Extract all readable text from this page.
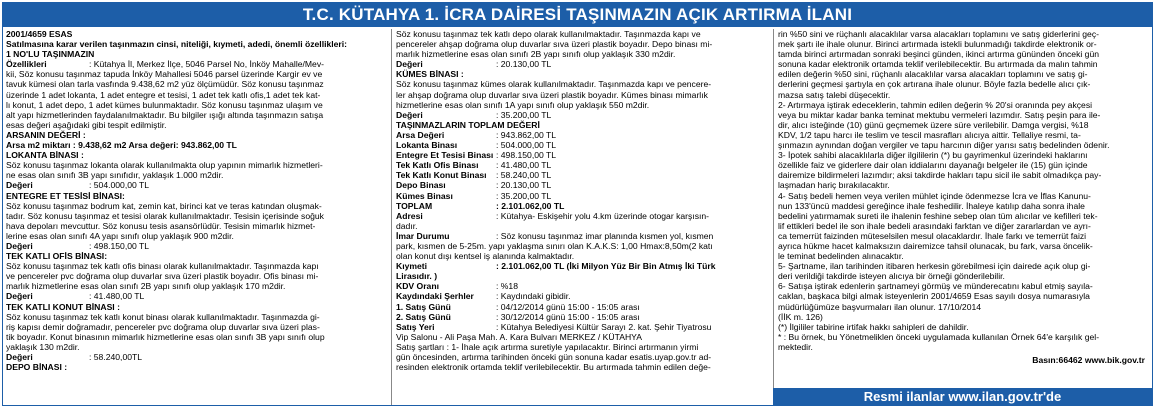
T.C. KÜTAHYA 1. İCRA DAİRESİ TAŞINMAZIN AÇIK ARTIRMA İLANI
2001/4659 ESAS
Satılmasına karar verilen taşınmazın cinsi, niteliği, kıymeti, adedi, önemli özellikleri:
1 NO'LU TAŞINMAZIN
Özellikleri	: Kütahya İl, Merkez İlçe, 5046 Parsel No, İnköy Mahalle/Mev-
kii, Söz konusu taşınmaz tapuda İnköy Mahallesi 5046 parsel üzerinde Kargir ev ve
tavuk kümesi olan tarla vasfında 9.438,62 m2 yüz ölçümüdür. Söz konusu taşınmaz
üzerinde 1 adet lokanta, 1 adet entegre et tesisi, 1 adet tek katlı ofis,1 adet tek kat-
lı konut, 1 adet depo, 1 adet kümes bulunmaktadır. Söz konusu taşınmaz ulaşım ve
alt yapı hizmetlerinden faydalanılmaktadır. Bu bilgiler ışığı altında taşınmazın satışa
esas değeri aşağıdaki gibi tespit edilmiştir.
ARSANIN DEĞERİ :
Arsa m2 miktarı : 9.438,62 m2 Arsa değeri: 943.862,00 TL
LOKANTA BİNASI :
Söz konusu taşınmaz lokanta olarak kullanılmakta olup yapının mimarlık hizmetleri-
ne esas olan sınıfı 3B yapı sınıfıdır, yaklaşık 1.000 m2dir.
Değeri	: 504.000,00 TL
ENTEGRE ET TESİSİ BİNASI:
Söz konusu taşınmaz bodrum kat, zemin kat, birinci kat ve teras katından oluşmak-
tadır. Söz konusu taşınmaz et tesisi olarak kullanılmaktadır. Tesisin içerisinde soğuk
hava depoları mevcuttur. Söz konusu tesis asansörlüdür. Tesisin mimarlık hizmet-
lerine esas olan sınıfı 4A yapı sınıfı olup yaklaşık 900 m2dir.
Değeri	: 498.150,00 TL
TEK KATLI OFİS BİNASI:
Söz konusu taşınmaz tek katlı ofis binası olarak kullanılmaktadır. Taşınmazda kapı
ve pencereler pvc doğrama olup duvarlar sıva üzeri plastik boyadır. Ofis binası mi-
marlık hizmetlerine esas olan sınıfı 2B yapı sınıfı olup yaklaşık 170 m2dir.
Değeri	: 41.480,00 TL
TEK KATLI KONUT BİNASI :
Söz konusu taşınmaz tek katlı konut binası olarak kullanılmaktadır. Taşınmazda gi-
riş kapısı demir doğramadır, pencereler pvc doğrama olup duvarlar sıva üzeri plas-
tik boyadır. Konut binasının mimarlık hizmetlerine esas olan sınıfı 3B yapı sınıfı olup
yaklaşık 130 m2dir.
Değeri	: 58.240,00TL
DEPO BİNASI :
Söz konusu taşınmaz tek katlı depo olarak kullanılmaktadır. Taşınmazda kapı ve
pencereler ahşap doğrama olup duvarlar sıva üzeri plastik boyadır. Depo binası mi-
marlık hizmetlerine esas olan sınıfı 2B yapı sınıfı olup yaklaşık 330 m2dir.
Değeri	: 20.130,00 TL
KÜMES BİNASI :
Söz konusu taşınmaz kümes olarak kullanılmaktadır. Taşınmazda kapı ve pencere-
ler ahşap doğrama olup duvarlar sıva üzeri plastik boyadır. Kümes binası mimarlık
hizmetlerine esas olan sınıfı 1A yapı sınıfı olup yaklaşık 550 m2dir.
Değeri	: 35.200,00 TL
TAŞINMAZLARIN TOPLAM DEĞERİ
Arsa Değeri	: 943.862,00 TL
Lokanta Binası	: 504.000,00 TL
Entegre Et Tesisi Binası : 498.150,00 TL
Tek Katlı Ofis Binası	: 41.480,00 TL
Tek Katlı Konut Binası	: 58.240,00 TL
Depo Binası	: 20.130,00 TL
Kümes Binası	: 35.200,00 TL
TOPLAM	: 2.101.062,00 TL
Adresi	: Kütahya- Eskişehir yolu 4.km üzerinde otogar karşısın-
dadır.
İmar Durumu	: Söz konusu taşınmaz imar planında kısmen yol, kısmen
park, kısmen de 5-25m. yapı yaklaşma sınırı olan K.A.K.S: 1,00 Hmax:8,50m(2 katı
olan konut dışı kentsel iş alanında kalmaktadır.
Kıymeti	: 2.101.062,00 TL (İki Milyon Yüz Bir Bin Atmış İki Türk
Lirasıdır. )
KDV Oranı	: %18
Kaydındaki Şerhler	: Kaydındaki gibidir.
1. Satış Günü	: 04/12/2014 günü 15:00 - 15:05 arası
2. Satış Günü	: 30/12/2014 günü 15:00 - 15:05 arası
Satış Yeri	: Kütahya Belediyesi Kültür Sarayı 2. kat. Şehir Tiyatrosu
Vip Salonu - Ali Paşa Mah. A. Kara Bulvarı MERKEZ / KÜTAHYA
Satış şartları : 1- İhale açık artırma suretiyle yapılacaktır. Birinci artırmanın yirmi
gün öncesinden, artırma tarihinden önceki gün sonuna kadar esatis.uyap.gov.tr ad-
resinden elektronik ortamda teklif verilebilecektir. Bu artırmada tahmin edilen değe-
rin %50 sini ve rüçhanlı alacaklılar varsa alacakları toplamını ve satış giderlerini geç-
mek şartı ile ihale olunur. Birinci artırmada istekli bulunmadığı takdirde elektronik or-
tamda birinci artırmadan sonraki beşinci günden, ikinci artırma gününden önceki gün
sonuna kadar elektronik ortamda teklif verilebilecektir. Bu artırmada da malın tahmin
edilen değerin %50 sini, rüçhanlı alacaklılar varsa alacakları toplamını ve satış gi-
derlerini geçmesi şartıyla en çok artırana ihale olunur. Böyle fazla bedelle alıcı çık-
mazsa satış talebi düşecektir.
2- Artırmaya iştirak edeceklerin, tahmin edilen değerin % 20'si oranında pey akçesi
veya bu miktar kadar banka teminat mektubu vermeleri lazımdır. Satış peşin para ile-
dir, alıcı isteğinde (10) günü geçmemek üzere süre verilebilir. Damga vergisi, %18
KDV, 1/2 tapu harcı ile teslim ve tescil masrafları alıcıya aittir. Tellaliye resmi, ta-
şınmazın aynından doğan vergiler ve tapu harcının diğer yarısı satış bedelinden ödenir.
3- İpotek sahibi alacaklılarla diğer ilgililerin (*) bu gayrimenkul üzerindeki haklarını
özellikle faiz ve giderlere dair olan iddialarını dayanağı belgeler ile (15) gün içinde
dairemize bildirmeleri lazımdır; aksi takdirde hakları tapu sicil ile sabit olmadıkça pay-
laşmadan hariç bırakılacaktır.
4- Satış bedeli hemen veya verilen mühlet içinde ödenmezse İcra ve İflas Kanunu-
nun 133'üncü maddesi gereğince ihale feshedilir. İhaleye katılıp daha sonra ihale
bedelini yatırmamak sureti ile ihalenin feshine sebep olan tüm alıcılar ve kefilleri tek-
lif ettikleri bedel ile son ihale bedeli arasındaki farktan ve diğer zararlardan ve ayrı-
ca temerrüt faizinden müteselsilen mesul olacaklardır. İhale farkı ve temerrüt faizi
ayrıca hükme hacet kalmaksızın dairemizce tahsil olunacak, bu fark, varsa öncelik-
le teminat bedelinden alınacaktır.
5- Şartname, ilan tarihinden itibaren herkesin görebilmesi için dairede açık olup gi-
deri verildiği takdirde isteyen alıcıya bir örneği gönderilebilir.
6- Satışa iştirak edenlerin şartnameyi görmüş ve münderecatını kabul etmiş sayıla-
caklan, başkaca bilgi almak isteyenlerin 2001/4659 Esas sayılı dosya numarasıyla
müdürlüğümüze başvurmaları ilan olunur. 17/10/2014
(İİK m. 126)
(*) İlgililer tabirine irtifak hakkı sahipleri de dahildir.
* : Bu örnek, bu Yönetmeliklen önceki uygulamada kullanılan Örnek 64'e karşılık gel-
mektedir.
Basın:66462 www.bik.gov.tr
Resmi ilanlar www.ilan.gov.tr'de
